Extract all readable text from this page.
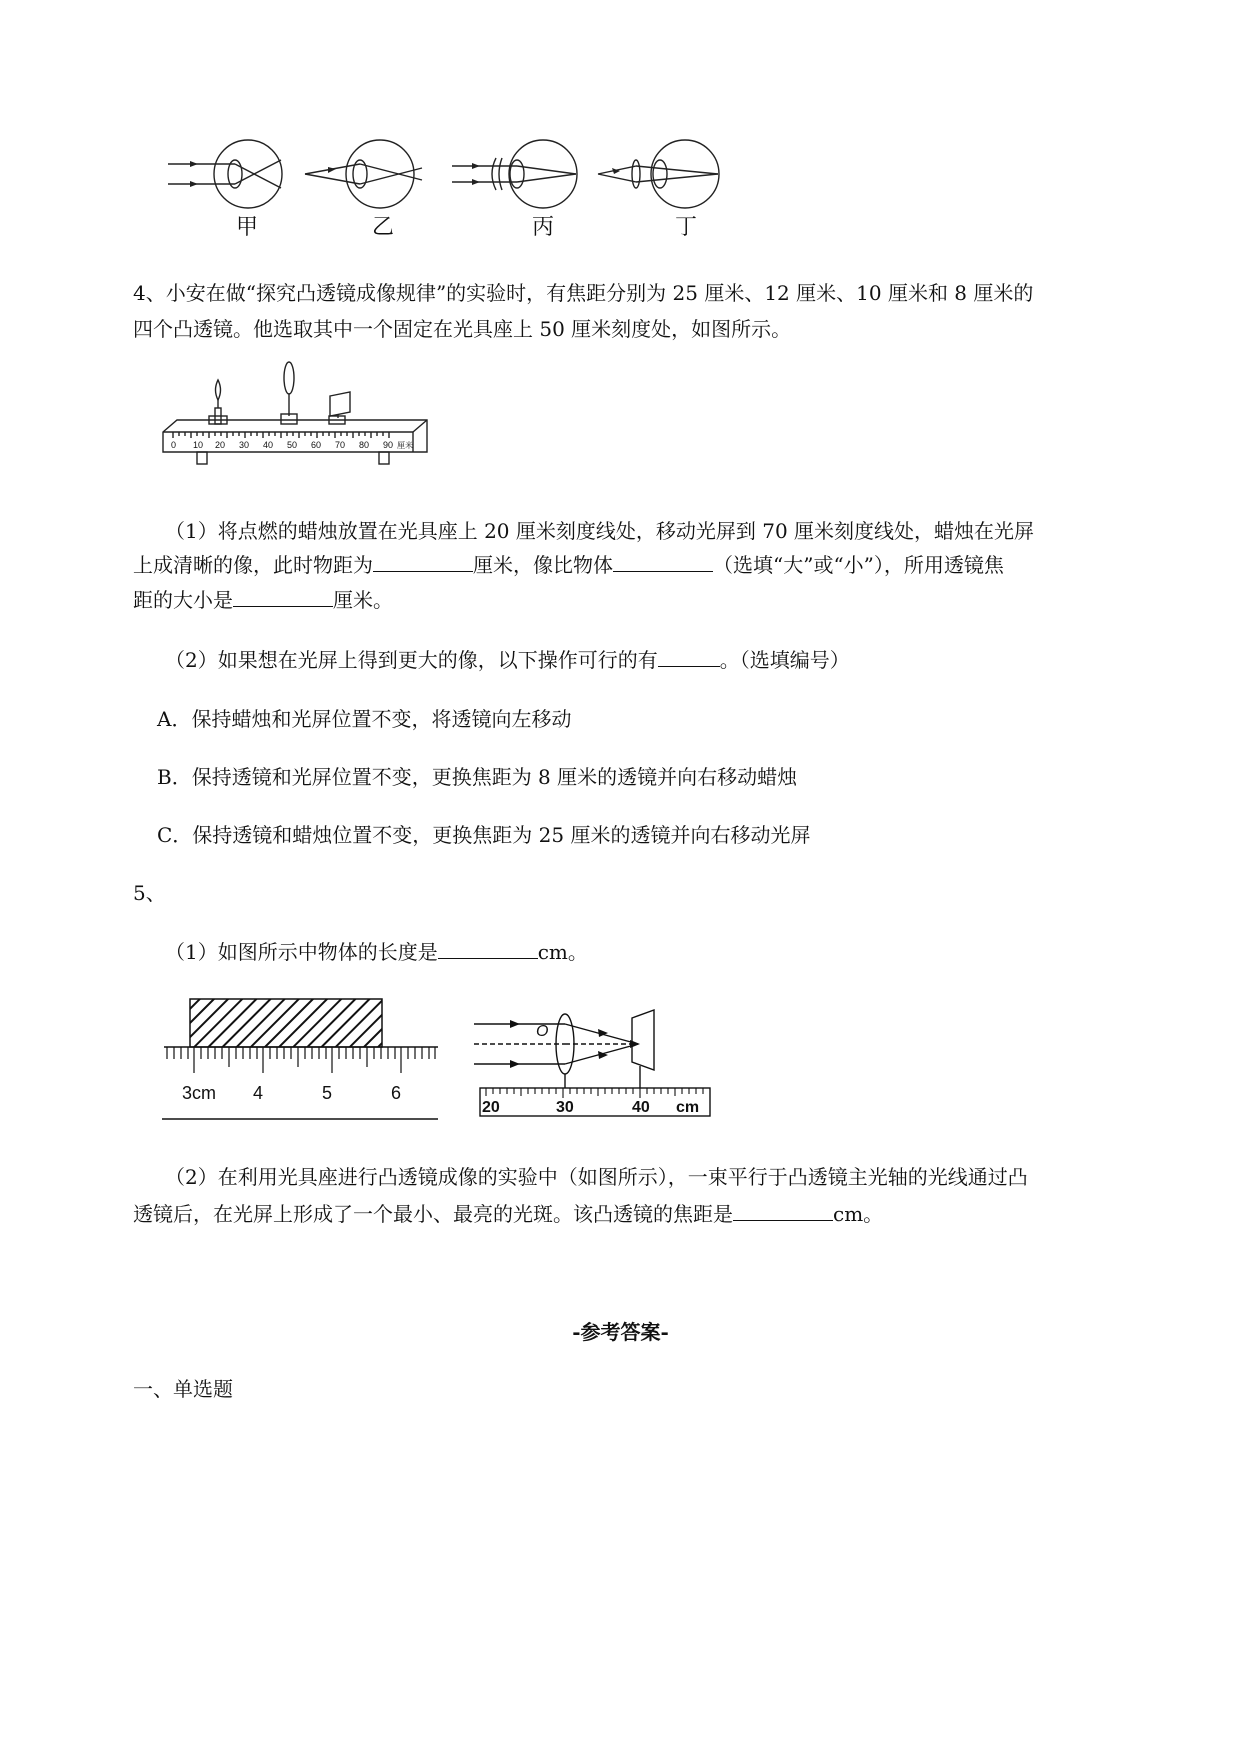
甲	乙	丙	丁
4、小安在做“探究凸透镜成像规律”的实验时，有焦距分别为 25 厘米、12 厘米、10 厘米和 8 厘米的
四个凸透镜。他选取其中一个固定在光具座上 50 厘米刻度处，如图所示。
0 10 20 30 40 50 60 70 80 90 厘米
（1）将点燃的蜡烛放置在光具座上 20 厘米刻度线处，移动光屏到 70 厘米刻度线处，蜡烛在光屏
上成清晰的像，此时物距为	厘米，像比物体	（选填“大”或“小”），所用透镜焦
距的大小是	厘米。
（2）如果想在光屏上得到更大的像，以下操作可行的有	。（选填编号）
A．保持蜡烛和光屏位置不变，将透镜向左移动
B．保持透镜和光屏位置不变，更换焦距为 8 厘米的透镜并向右移动蜡烛
C．保持透镜和蜡烛位置不变，更换焦距为 25 厘米的透镜并向右移动光屏
5、
（1）如图所示中物体的长度是	cm。
3cm 4	5	6
O
20	30	40 cm
（2）在利用光具座进行凸透镜成像的实验中（如图所示），一束平行于凸透镜主光轴的光线通过凸
透镜后，在光屏上形成了一个最小、最亮的光斑。该凸透镜的焦距是	cm。
-参考答案-
一、单选题
